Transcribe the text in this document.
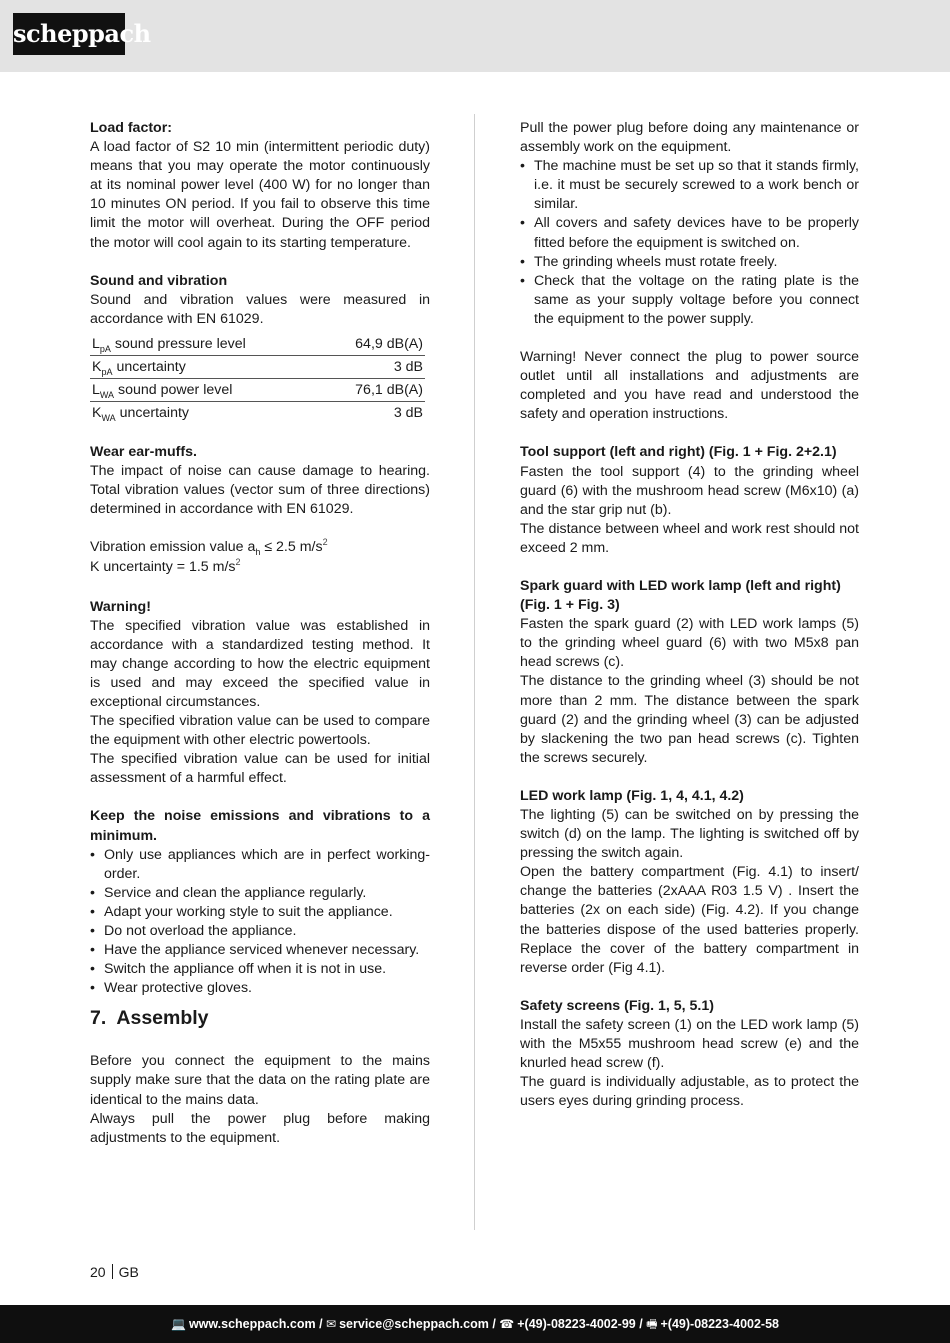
scheppach

Load factor:

A load factor of S2 10 min (intermittent periodic duty) means that you may operate the motor continuously at its nominal power level (400 W) for no longer than 10 minutes ON period. If you fail to observe this time limit the motor will overheat. During the OFF period the motor will cool again to its starting temperature.

Sound and vibration

Sound and vibration values were measured in accordance with EN 61029.

$L_{pA}$ sound pressure level	64,9 dB(A)
$K_{pA}$ uncertainty	3 dB
$L_{WA}$ sound power level	76,1 dB(A)
$K_{WA}$ uncertainty	3 dB

Wear ear-muffs.

The impact of noise can cause damage to hearing. Total vibration values (vector sum of three directions) determined in accordance with EN 61029.

Vibration emission value $a_h \le 2.5$ $m/s^2$

K uncertainty = 1.5 $m/s^2$

Warning!

The specified vibration value was established in accordance with a standardized testing method. It may change according to how the electric equipment is used and may exceed the specified value in exceptional circumstances.

The specified vibration value can be used to compare the equipment with other electric powertools.

The specified vibration value can be used for initial assessment of a harmful effect.

Keep the noise emissions and vibrations to a minimum.

• Only use appliances which are in perfect working-order.
• Service and clean the appliance regularly.
• Adapt your working style to suit the appliance.
• Do not overload the appliance.
• Have the appliance serviced whenever necessary.
• Switch the appliance off when it is not in use.
• Wear protective gloves.
7. Assembly

Before you connect the equipment to the mains supply make sure that the data on the rating plate are identical to the mains data.

Always pull the power plug before making adjustments to the equipment.

Pull the power plug before doing any maintenance or assembly work on the equipment.

• The machine must be set up so that it stands firmly, i.e. it must be securely screwed to a work bench or similar.
• All covers and safety devices have to be properly fitted before the equipment is switched on.
• The grinding wheels must rotate freely.
• Check that the voltage on the rating plate is the same as your supply voltage before you connect the equipment to the power supply.

Warning! Never connect the plug to power source outlet until all installations and adjustments are completed and you have read and understood the safety and operation instructions.

Tool support (left and right) (Fig. 1 + Fig. 2+2.1)

Fasten the tool support (4) to the grinding wheel guard (6) with the mushroom head screw (M6x10) (a) and the star grip nut (b).

The distance between wheel and work rest should not exceed 2 mm.

Spark guard with LED work lamp (left and right) (Fig. 1 + Fig. 3)

Fasten the spark guard (2) with LED work lamps (5) to the grinding wheel guard (6) with two M5x8 pan head screws (c).

The distance to the grinding wheel (3) should be not more than 2 mm. The distance between the spark guard (2) and the grinding wheel (3) can be adjusted by slackening the two pan head screws (c). Tighten the screws securely.

LED work lamp (Fig. 1, 4, 4.1, 4.2)

The lighting (5) can be switched on by pressing the switch (d) on the lamp. The lighting is switched off by pressing the switch again.

Open the battery compartment (Fig. 4.1) to insert/ change the batteries (2xAAA R03 1.5 V) . Insert the batteries (2x on each side) (Fig. 4.2). If you change the batteries dispose of the used batteries properly. Replace the cover of the battery compartment in reverse order (Fig 4.1).

Safety screens (Fig. 1, 5, 5.1)

Install the safety screen (1) on the LED work lamp (5) with the M5x55 mushroom head screw (e) and the knurled head screw (f).

The guard is individually adjustable, as to protect the users eyes during grinding process.

20 GB
💻 www.scheppach.com / ✉ service@scheppach.com / ☎ +(49)-08223-4002-99 / 🖷 +(49)-08223-4002-58
